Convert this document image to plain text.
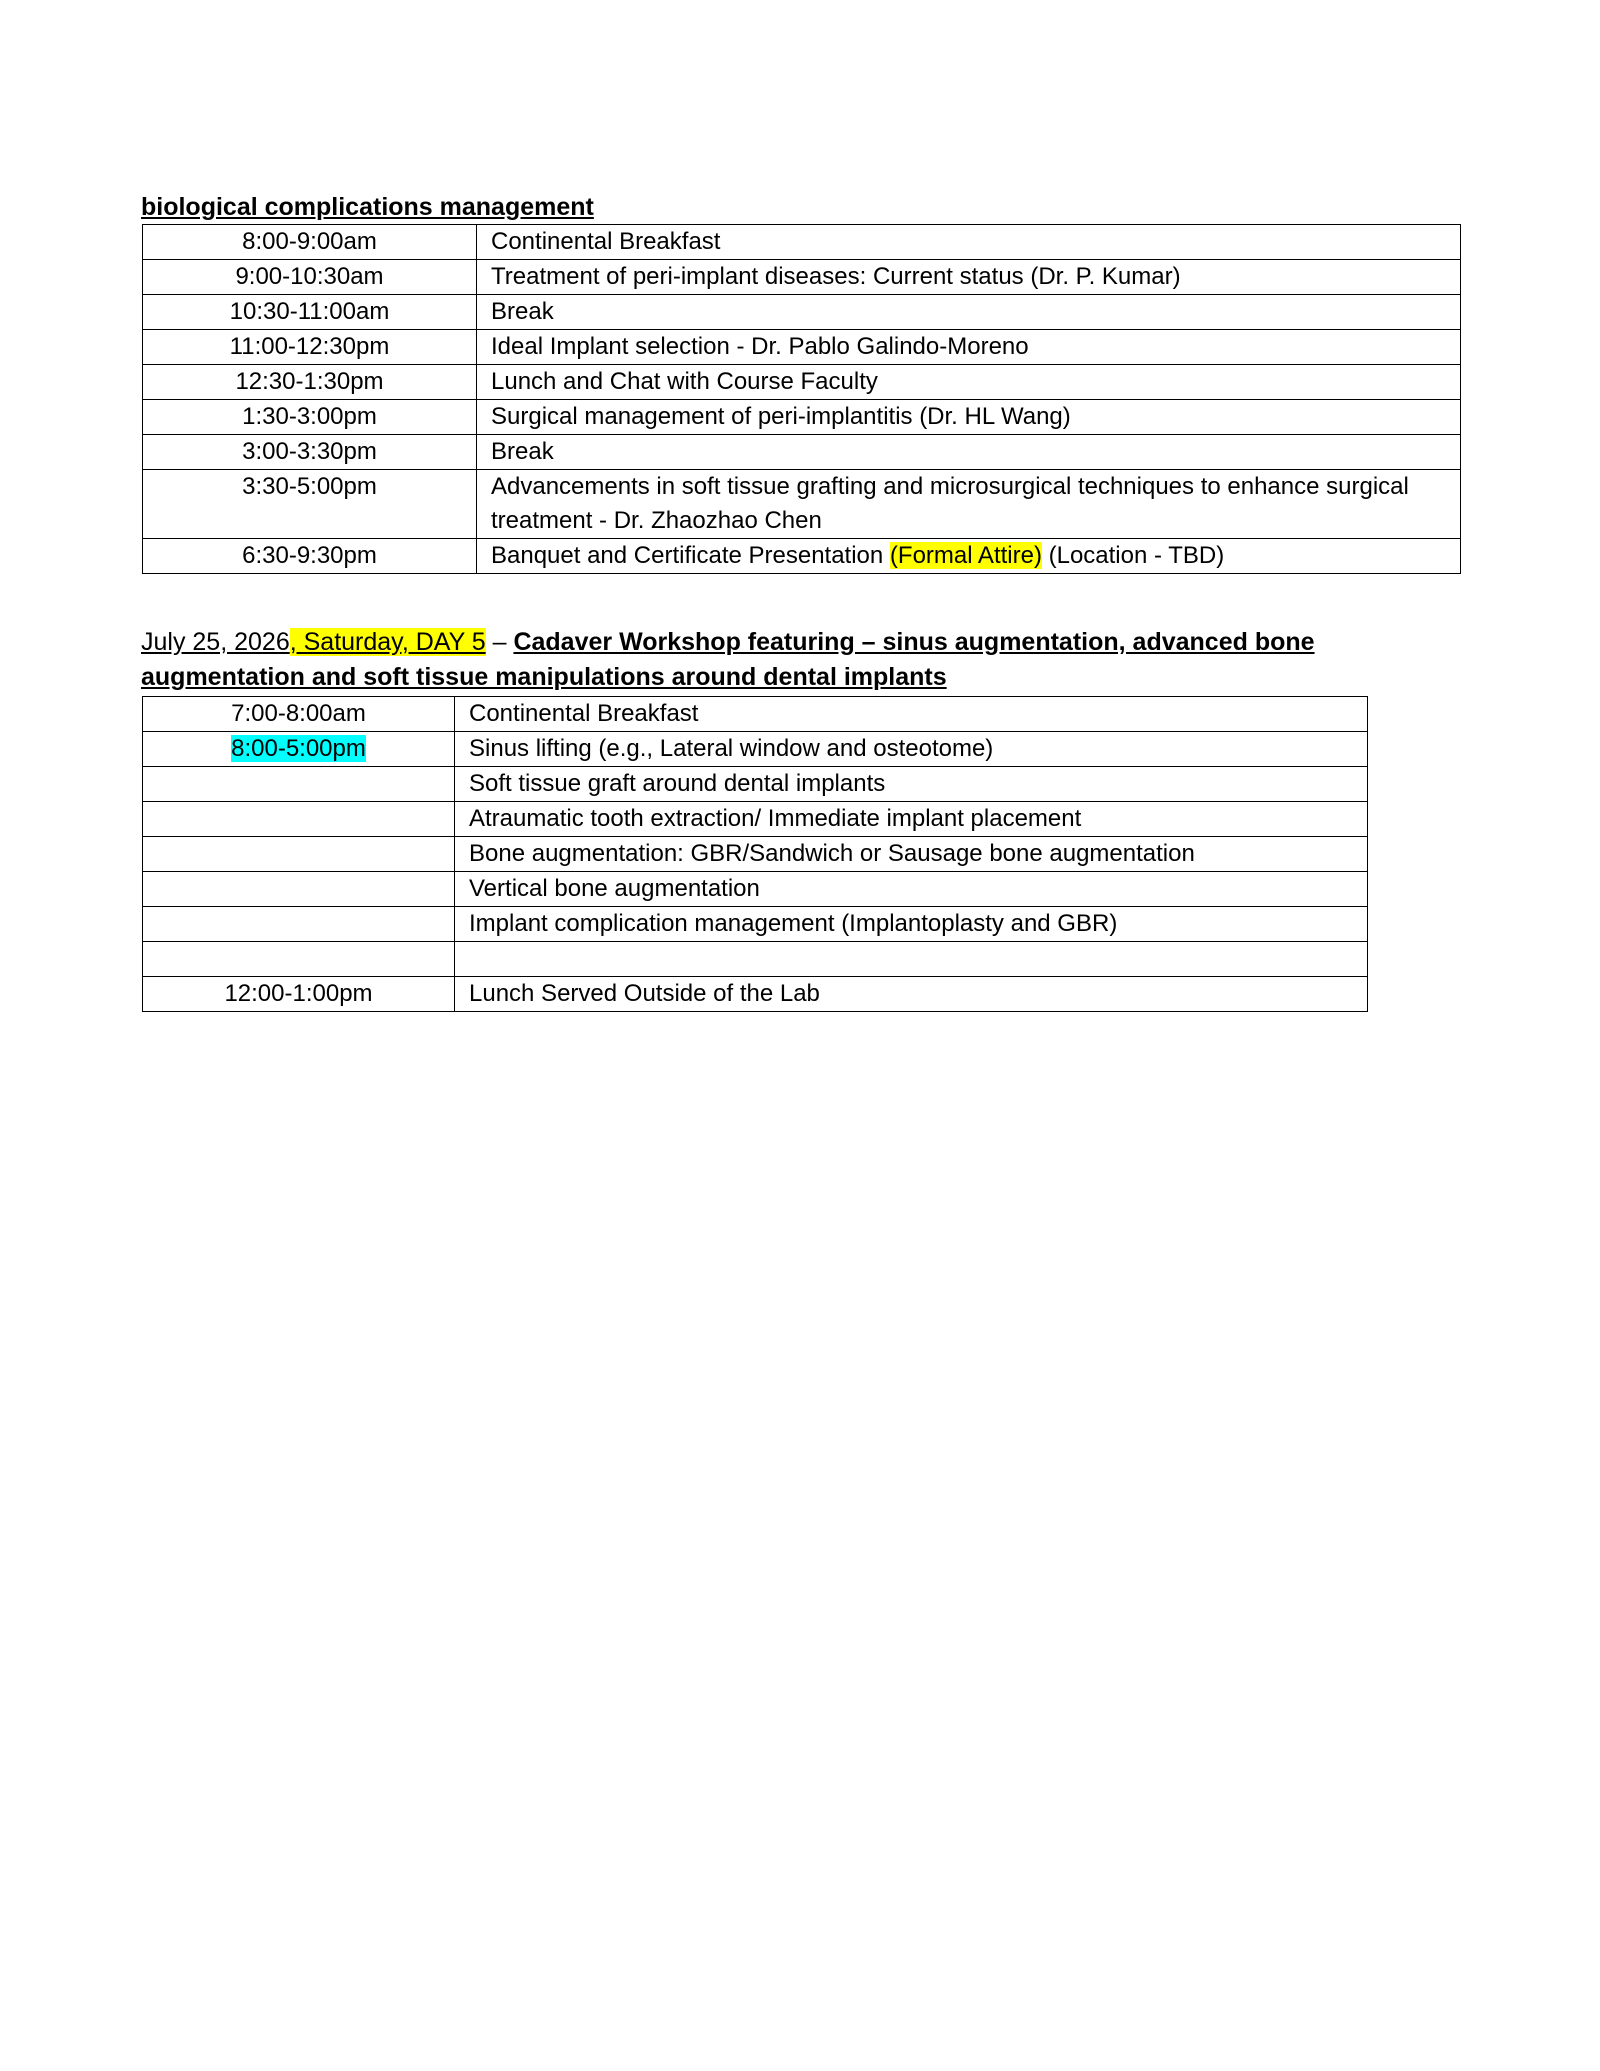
biological complications management
8:00-9:00am	Continental Breakfast
9:00-10:30am	Treatment of peri-implant diseases: Current status (Dr. P. Kumar)
10:30-11:00am	Break
11:00-12:30pm	Ideal Implant selection - Dr. Pablo Galindo-Moreno
12:30-1:30pm	Lunch and Chat with Course Faculty
1:30-3:00pm	Surgical management of peri-implantitis (Dr. HL Wang)
3:00-3:30pm	Break
3:30-5:00pm	Advancements in soft tissue grafting and microsurgical techniques to enhance surgical treatment - Dr. Zhaozhao Chen
6:30-9:30pm	Banquet and Certificate Presentation (Formal Attire) (Location - TBD)
July 25, 2026, Saturday, DAY 5 – Cadaver Workshop featuring – sinus augmentation, advanced bone
augmentation and soft tissue manipulations around dental implants
7:00-8:00am	Continental Breakfast
8:00-5:00pm	Sinus lifting (e.g., Lateral window and osteotome)
	Soft tissue graft around dental implants
	Atraumatic tooth extraction/ Immediate implant placement
	Bone augmentation: GBR/Sandwich or Sausage bone augmentation
	Vertical bone augmentation
	Implant complication management (Implantoplasty and GBR)

12:00-1:00pm	Lunch Served Outside of the Lab
